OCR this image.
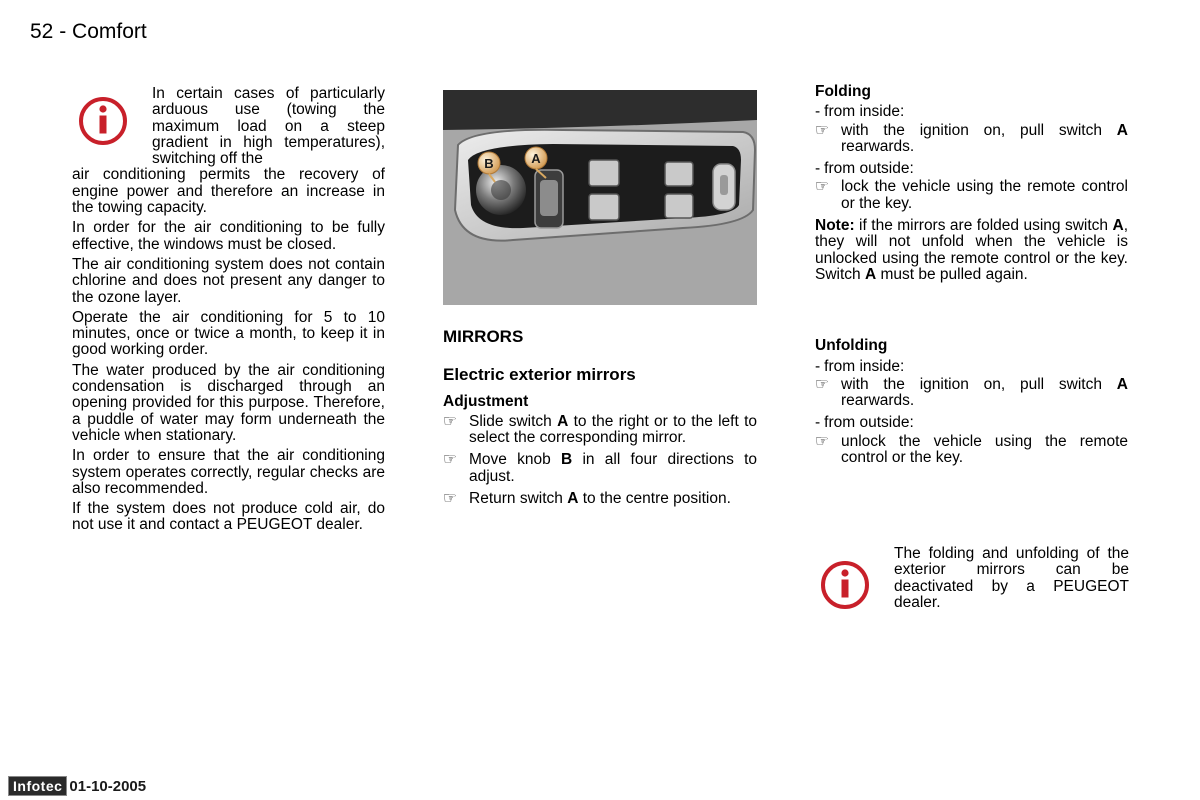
52 - Comfort
In certain cases of particularly arduous use (towing the maximum load on a steep gradient in high temperatures), switching off the
air conditioning permits the recovery of engine power and therefore an increase in the towing capacity.

In order for the air conditioning to be fully effective, the windows must be closed.

The air conditioning system does not contain chlorine and does not present any danger to the ozone layer.

Operate the air conditioning for 5 to 10 minutes, once or twice a month, to keep it in good working order.

The water produced by the air conditioning condensation is discharged through an opening provided for this purpose. Therefore, a puddle of water may form underneath the vehicle when stationary.

In order to ensure that the air conditioning system operates correctly, regular checks are also recommended.

If the system does not produce cold air, do not use it and contact a PEUGEOT dealer.

B	A
MIRRORS
Electric exterior mirrors
Adjustment
☞ Slide switch A to the right or to the left to select the corresponding mirror.
☞ Move knob B in all four directions to adjust.
☞ Return switch A to the centre position.
Folding
- from inside:
☞ with the ignition on, pull switch A rearwards.
- from outside:
☞ lock the vehicle using the remote control or the key.
Note: if the mirrors are folded using switch A, they will not unfold when the vehicle is unlocked using the remote control or the key. Switch A must be pulled again.
Unfolding
- from inside:
☞ with the ignition on, pull switch A rearwards.
- from outside:
☞ unlock the vehicle using the remote control or the key.
The folding and unfolding of the exterior mirrors can be deactivated by a PEUGEOT dealer.
Infotec 01-10-2005
